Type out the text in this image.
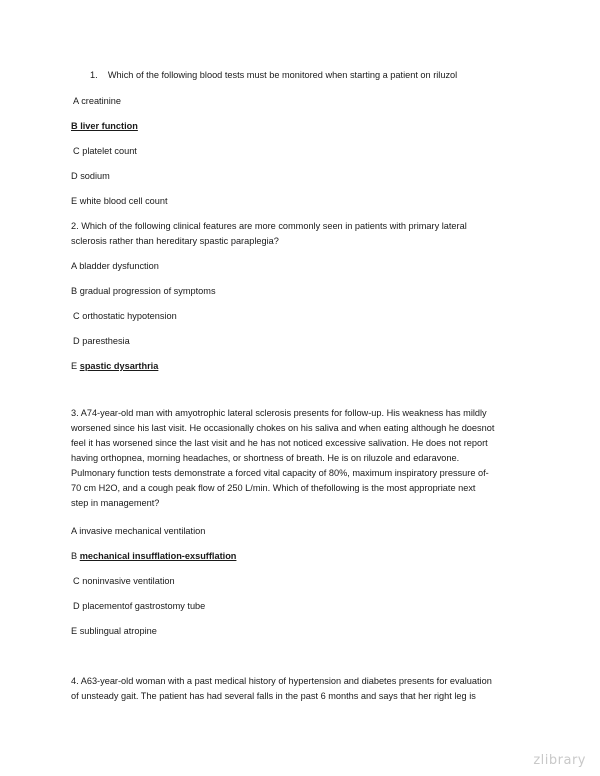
1. Which of the following blood tests must be monitored when starting a patient on riluzol
A creatinine
B liver function
C platelet count
D sodium
E white blood cell count
2. Which of the following clinical features are more commonly seen in patients with primary lateral
sclerosis rather than hereditary spastic paraplegia?
A bladder dysfunction
B gradual progression of symptoms
C orthostatic hypotension
D paresthesia
E spastic dysarthria
3. A74-year-old man with amyotrophic lateral sclerosis presents for follow-up. His weakness has mildly
worsened since his last visit. He occasionally chokes on his saliva and when eating although he doesnot
feel it has worsened since the last visit and he has not noticed excessive salivation. He does not report
having orthopnea, morning headaches, or shortness of breath. He is on riluzole and edaravone.
Pulmonary function tests demonstrate a forced vital capacity of 80%, maximum inspiratory pressure of-
70 cm H2O, and a cough peak flow of 250 L/min. Which of thefollowing is the most appropriate next
step in management?
A invasive mechanical ventilation
B mechanical insufflation-exsufflation
C noninvasive ventilation
D placementof gastrostomy tube
E sublingual atropine
4. A63-year-old woman with a past medical history of hypertension and diabetes presents for evaluation
of unsteady gait. The patient has had several falls in the past 6 months and says that her right leg is
zlibrary
